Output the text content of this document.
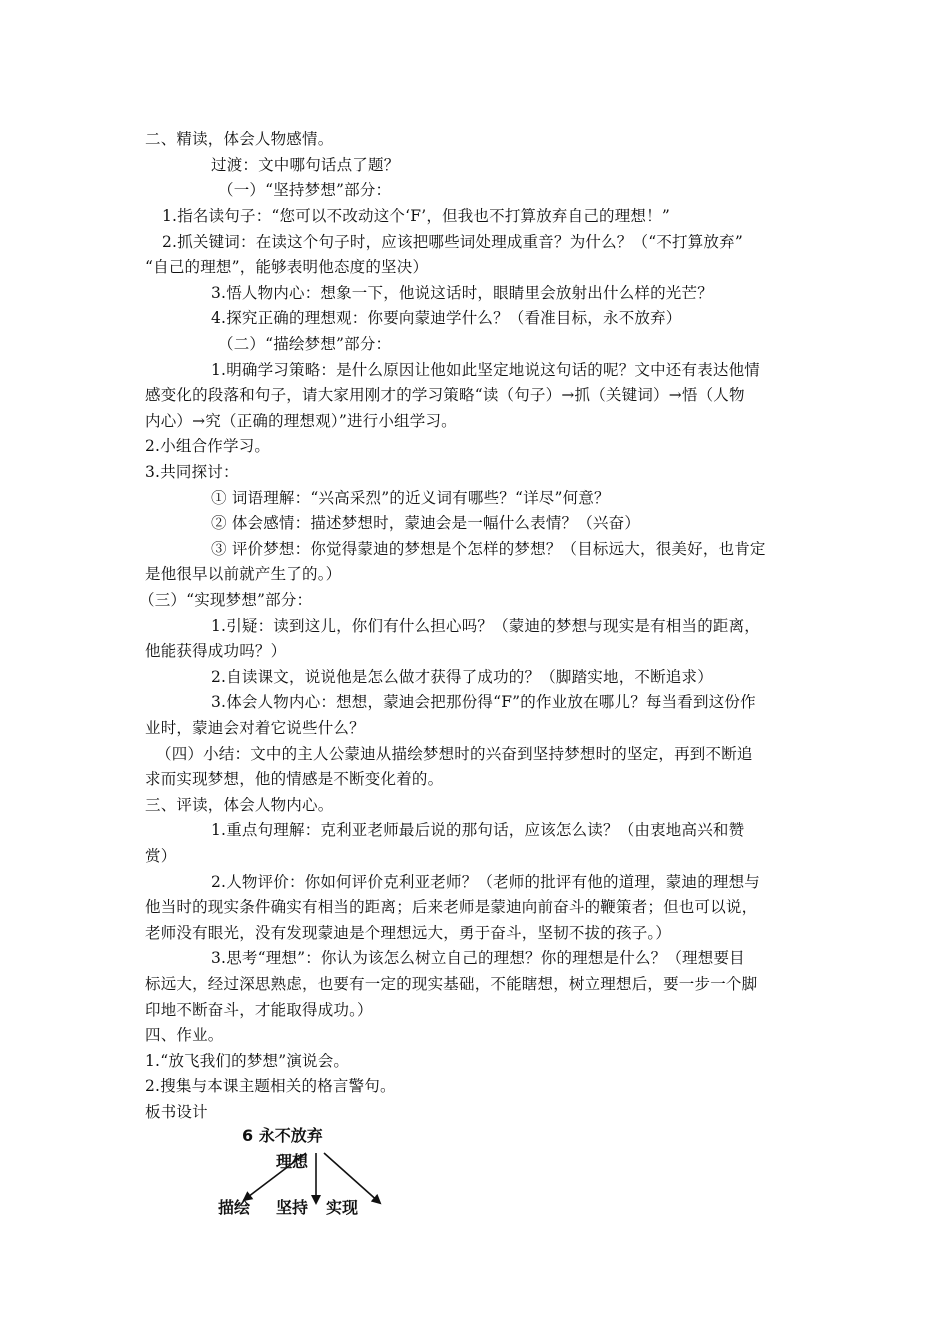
二、精读，体会人物感情。
过渡：文中哪句话点了题？
（一）“坚持梦想”部分：
1.指名读句子：“您可以不改动这个‘F’，但我也不打算放弃自己的理想！”
2.抓关键词：在读这个句子时，应该把哪些词处理成重音？为什么？（“不打算放弃”
“自己的理想”，能够表明他态度的坚决）
3.悟人物内心：想象一下，他说这话时，眼睛里会放射出什么样的光芒？
4.探究正确的理想观：你要向蒙迪学什么？（看准目标，永不放弃）
（二）“描绘梦想”部分：
1.明确学习策略：是什么原因让他如此坚定地说这句话的呢？文中还有表达他情
感变化的段落和句子，请大家用刚才的学习策略“读（句子）→抓（关键词）→悟（人物
内心）→究（正确的理想观）”进行小组学习。
2.小组合作学习。
3.共同探讨：
① 词语理解：“兴高采烈”的近义词有哪些？“详尽”何意？
② 体会感情：描述梦想时，蒙迪会是一幅什么表情？（兴奋）
③ 评价梦想：你觉得蒙迪的梦想是个怎样的梦想？（目标远大，很美好，也肯定
是他很早以前就产生了的。）
（三）“实现梦想”部分：
1.引疑：读到这儿，你们有什么担心吗？（蒙迪的梦想与现实是有相当的距离，
他能获得成功吗？）
2.自读课文，说说他是怎么做才获得了成功的？（脚踏实地，不断追求）
3.体会人物内心：想想，蒙迪会把那份得“F”的作业放在哪儿？每当看到这份作
业时，蒙迪会对着它说些什么？
（四）小结：文中的主人公蒙迪从描绘梦想时的兴奋到坚持梦想时的坚定，再到不断追
求而实现梦想，他的情感是不断变化着的。
三、评读，体会人物内心。
1.重点句理解：克利亚老师最后说的那句话，应该怎么读？（由衷地高兴和赞
赏）
2.人物评价：你如何评价克利亚老师？（老师的批评有他的道理，蒙迪的理想与
他当时的现实条件确实有相当的距离；后来老师是蒙迪向前奋斗的鞭策者；但也可以说，
老师没有眼光，没有发现蒙迪是个理想远大，勇于奋斗，坚韧不拔的孩子。）
3.思考“理想”：你认为该怎么树立自己的理想？你的理想是什么？（理想要目
标远大，经过深思熟虑，也要有一定的现实基础，不能瞎想，树立理想后，要一步一个脚
印地不断奋斗，才能取得成功。）
四、作业。
1.“放飞我们的梦想”演说会。
2.搜集与本课主题相关的格言警句。
板书设计
6 永不放弃
理想
描绘 坚持 实现
